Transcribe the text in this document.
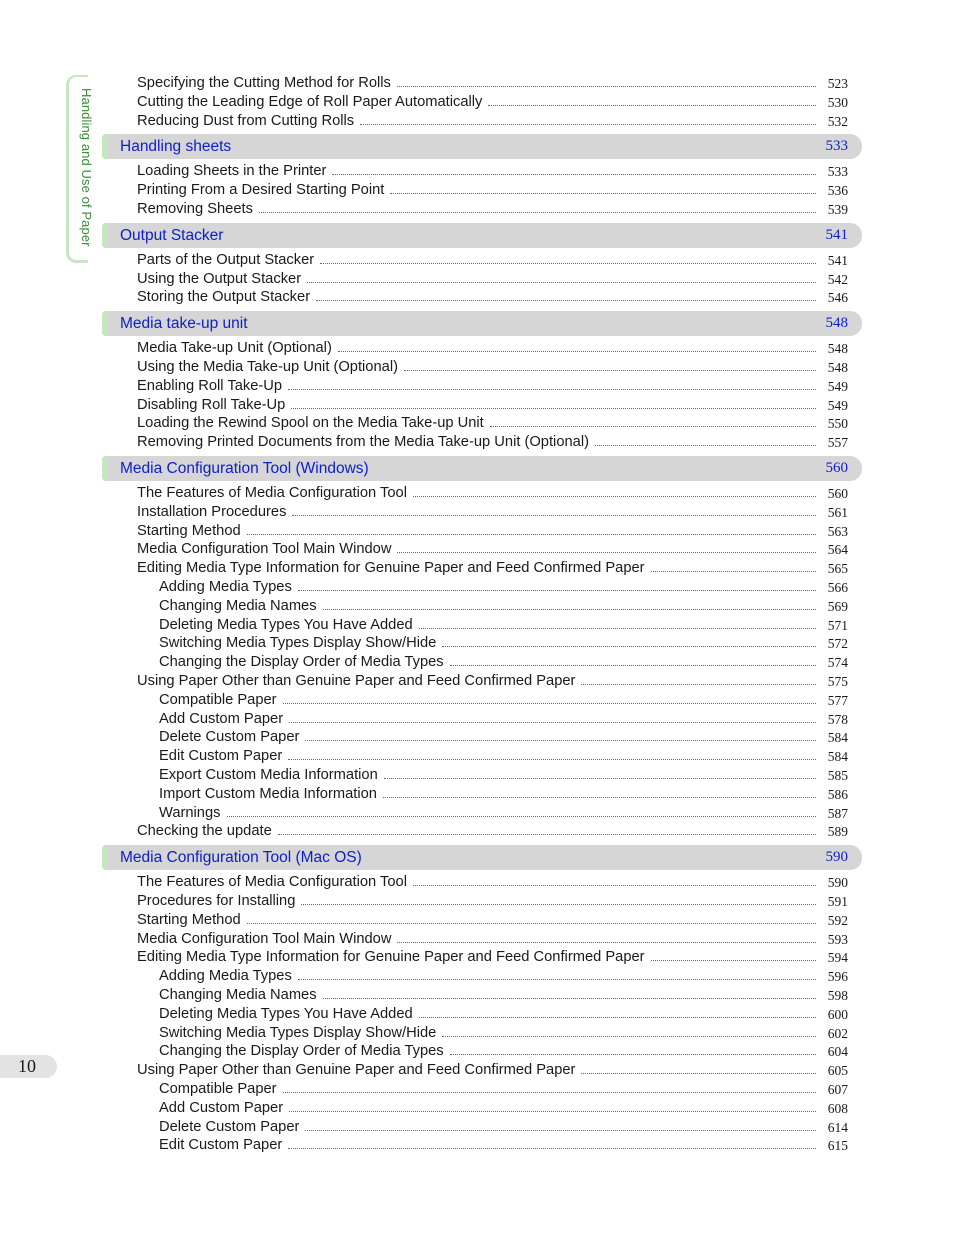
Handling and Use of Paper
Specifying the Cutting Method for Rolls	523
Cutting the Leading Edge of Roll Paper Automatically	530
Reducing Dust from Cutting Rolls	532
Handling sheets	533
Loading Sheets in the Printer	533
Printing From a Desired Starting Point	536
Removing Sheets	539
Output Stacker	541
Parts of the Output Stacker	541
Using the Output Stacker	542
Storing the Output Stacker	546
Media take-up unit	548
Media Take-up Unit (Optional)	548
Using the Media Take-up Unit (Optional)	548
Enabling Roll Take-Up	549
Disabling Roll Take-Up	549
Loading the Rewind Spool on the Media Take-up Unit	550
Removing Printed Documents from the Media Take-up Unit (Optional)	557
Media Configuration Tool (Windows)	560
The Features of Media Configuration Tool	560
Installation Procedures	561
Starting Method	563
Media Configuration Tool Main Window	564
Editing Media Type Information for Genuine Paper and Feed Confirmed Paper	565
Adding Media Types	566
Changing Media Names	569
Deleting Media Types You Have Added	571
Switching Media Types Display Show/Hide	572
Changing the Display Order of Media Types	574
Using Paper Other than Genuine Paper and Feed Confirmed Paper	575
Compatible Paper	577
Add Custom Paper	578
Delete Custom Paper	584
Edit Custom Paper	584
Export Custom Media Information	585
Import Custom Media Information	586
Warnings	587
Checking the update	589
Media Configuration Tool (Mac OS)	590
The Features of Media Configuration Tool	590
Procedures for Installing	591
Starting Method	592
Media Configuration Tool Main Window	593
Editing Media Type Information for Genuine Paper and Feed Confirmed Paper	594
Adding Media Types	596
Changing Media Names	598
Deleting Media Types You Have Added	600
Switching Media Types Display Show/Hide	602
Changing the Display Order of Media Types	604
Using Paper Other than Genuine Paper and Feed Confirmed Paper	605
Compatible Paper	607
Add Custom Paper	608
Delete Custom Paper	614
Edit Custom Paper	615
10
